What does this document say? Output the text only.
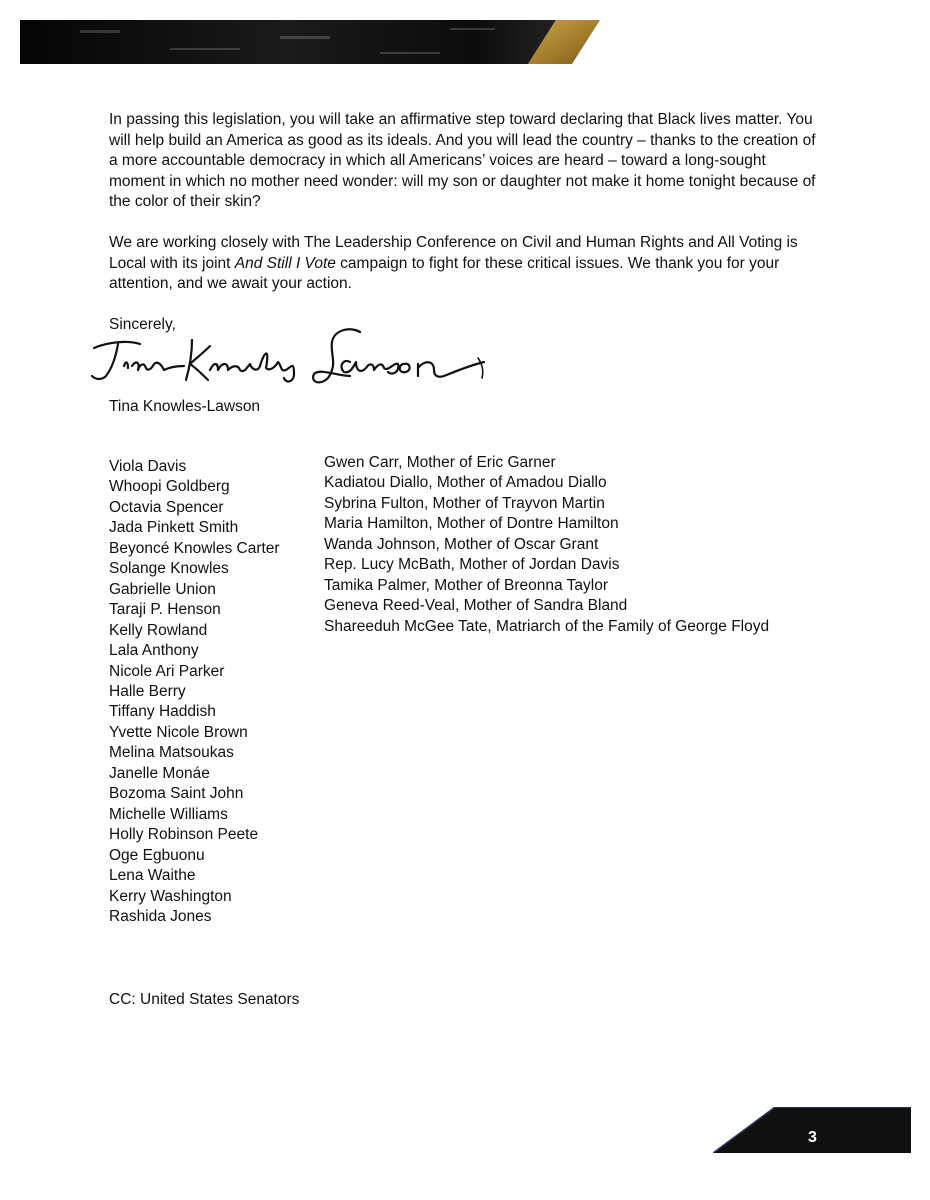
In passing this legislation, you will take an affirmative step toward declaring that Black lives matter. You will help build an America as good as its ideals. And you will lead the country – thanks to the creation of a more accountable democracy in which all Americans’ voices are heard – toward a long-sought moment in which no mother need wonder: will my son or daughter not make it home tonight because of the color of their skin?

We are working closely with The Leadership Conference on Civil and Human Rights and All Voting is Local with its joint And Still I Vote campaign to fight for these critical issues. We thank you for your attention, and we await your action.

Sincerely,
Tina Knowles-Lawson
Viola Davis
Whoopi Goldberg
Octavia Spencer
Jada Pinkett Smith
Beyoncé Knowles Carter
Solange Knowles
Gabrielle Union
Taraji P. Henson
Kelly Rowland
Lala Anthony
Nicole Ari Parker
Halle Berry
Tiffany Haddish
Yvette Nicole Brown
Melina Matsoukas
Janelle Monáe
Bozoma Saint John
Michelle Williams
Holly Robinson Peete
Oge Egbuonu
Lena Waithe
Kerry Washington
Rashida Jones
Gwen Carr, Mother of Eric Garner
Kadiatou Diallo, Mother of Amadou Diallo
Sybrina Fulton, Mother of Trayvon Martin
Maria Hamilton, Mother of Dontre Hamilton
Wanda Johnson, Mother of Oscar Grant
Rep. Lucy McBath, Mother of Jordan Davis
Tamika Palmer, Mother of Breonna Taylor
Geneva Reed-Veal, Mother of Sandra Bland
Shareeduh McGee Tate, Matriarch of the Family of George Floyd
CC: United States Senators
3
